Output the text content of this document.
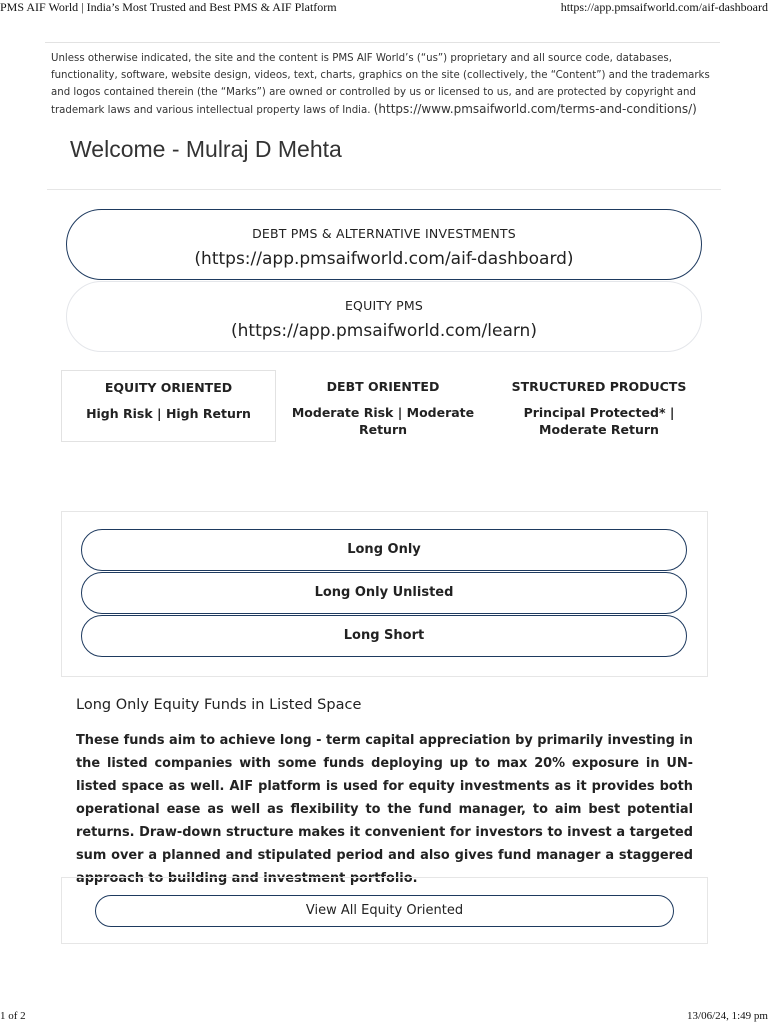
PMS AIF World | India’s Most Trusted and Best PMS & AIF Platform	https://app.pmsaifworld.com/aif-dashboard
Unless otherwise indicated, the site and the content is PMS AIF World’s (“us”) proprietary and all source code, databases, functionality, software, website design, videos, text, charts, graphics on the site (collectively, the “Content”) and the trademarks and logos contained therein (the “Marks”) are owned or controlled by us or licensed to us, and are protected by copyright and trademark laws and various intellectual property laws of India. (https://www.pmsaifworld.com/terms-and-conditions/)
Welcome - Mulraj D Mehta
DEBT PMS & ALTERNATIVE INVESTMENTS
(https://app.pmsaifworld.com/aif-dashboard)
EQUITY PMS
(https://app.pmsaifworld.com/learn)
EQUITY ORIENTED
High Risk | High Return
DEBT ORIENTED
Moderate Risk | Moderate Return
STRUCTURED PRODUCTS
Principal Protected* | Moderate Return
Long Only
Long Only Unlisted
Long Short
Long Only Equity Funds in Listed Space
These funds aim to achieve long - term capital appreciation by primarily investing in the listed companies with some funds deploying up to max 20% exposure in UN-listed space as well. AIF platform is used for equity investments as it provides both operational ease as well as flexibility to the fund manager, to aim best potential returns. Draw-down structure makes it convenient for investors to invest a targeted sum over a planned and stipulated period and also gives fund manager a staggered approach to building and investment portfolio.
View All Equity Oriented
1 of 2	13/06/24, 1:49 pm
